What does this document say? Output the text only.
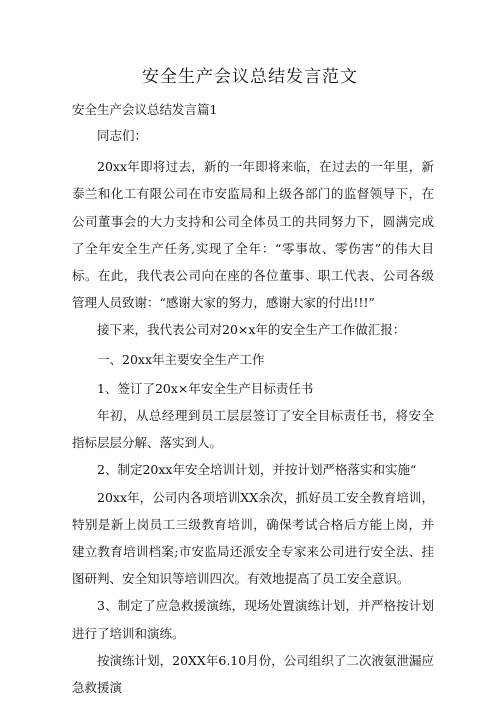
安全生产会议总结发言范文
安全生产会议总结发言篇1

同志们：

20xx年即将过去，新的一年即将来临，在过去的一年里，新泰兰和化工有限公司在市安监局和上级各部门的监督领导下，在公司董事会的大力支持和公司全体员工的共同努力下，圆满完成了全年安全生产任务,实现了全年：“零事故、零伤害”的伟大目标。在此，我代表公司向在座的各位董事、职工代表、公司各级管理人员致谢：“感谢大家的努力，感谢大家的付出!!!”

接下来，我代表公司对20×x年的安全生产工作做汇报：

一、20xx年主要安全生产工作

1、签订了20x×年安全生产目标责任书

年初，从总经理到员工层层签订了安全目标责任书，将安全指标层层分解、落实到人。

2、制定20xx年安全培训计划，并按计划严格落实和实施“

20xx年，公司内各项培训XX余次，抓好员工安全教育培训，特别是新上岗员工三级教育培训，确保考试合格后方能上岗，并建立教育培训档案;市安监局还派安全专家来公司进行安全法、挂图研判、安全知识等培训四次。有效地提高了员工安全意识。

3、制定了应急救援演练，现场处置演练计划，并严格按计划进行了培训和演练。

按演练计划，20XX年6.10月份，公司组织了二次液氨泄漏应急救援演
